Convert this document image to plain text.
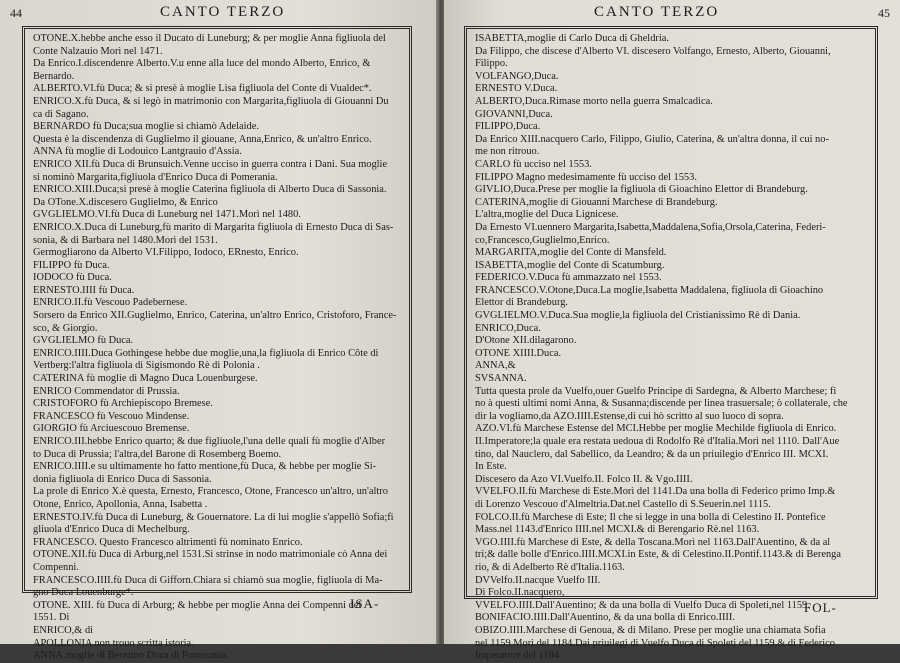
44	CANTO TERZO
OTONE.X.hebbe anche esso il Ducato di Luneburg; & per moglie Anna figliuola del
Conte Nalzauio Morì nel 1471.
Da Enrico.I.discendenre Alberto.V.u enne alla luce del mondo Alberto, Enrico, &
Bernardo.
ALBERTO.VI.fù Duca; & si presè à moglie Lisa figliuola del Conte di Vualdec*.
ENRICO.X.fù Duca, & si legò in matrimonio con Margarita,figliuola di Giouanni Du
ca di Sagano.
BERNARDO fù Duca;sua moglie si chiamò Adelaide.
Questa è la discendenza di Guglielmo il giouane, Anna,Enrico, & un'altro Enrico.
ANNA fù moglie di Lodouico Lantgrauio d'Assia.
ENRICO XII.fù Duca di Brunsuich.Venne ucciso in guerra contra i Dani. Sua moglie
si nominò Margarita,figliuola d'Enrico Duca di Pomerania.
ENRICO.XIII.Duca;si presè à moglie Caterina figliuola di Alberto Duca di Sassonia.
Da OTone.X.discesero Guglielmo, & Enrico
GVGLIELMO.VI.fù Duca di Luneburg nel 1471.Morì nel 1480.
ENRICO.X.Duca di Luneburg,fù marito di Margarita figliuola di Ernesto Duca di Sas-
sonia, & di Barbara nel 1480.Morì del 1531.
Germogliarono da Alberto VI.Filippo, Iodoco, ERnesto, Enrico.
FILIPPO fù Duca.
IODOCO fù Duca.
ERNESTO.IIII fù Duca.
ENRICO.II.fù Vescouo Padebernese.
Sorsero da Enrico XII.Guglielmo, Enrico, Caterina, un'altro Enrico, Cristoforo, France-
sco, & Giorgio.
GVGLIELMO fù Duca.
ENRICO.IIII.Duca Gothingese hebbe due moglie,una,la figliuola di Enrico Côte di
Vertberg:l'altra figliuola di Sigismondo Rè di Polonia .
CATERINA fù moglie di Magno Duca Louenburgese.
ENRICO Commendator di Prussia.
CRISTOFORO fù Archiepiscopo Bremese.
FRANCESCO fù Vescouo Mindense.
GIORGIO fù Arciuescouo Bremense.
ENRICO.III.hebbe Enrico quarto; & due figliuole,l'una delle quali fù moglie d'Alber
to Duca di Prussia; l'altra,del Barone di Rosemberg Boemo.
ENRICO.IIII.e su ultimamente ho fatto mentione,fù Duca, & hebbe per moglie Si-
donia figliuola di Enrico Duca di Sassonia.
La prole di Enrico X.è questa, Ernesto, Francesco, Otone, Francesco un'altro, un'altro
Otone, Enrico, Apollonia, Anna, Isabetta .
ERNESTO.IV.fù Duca di Luneburg, & Gouernatore. La di lui moglie s'appellò Sofia;fi
gliuola d'Enrico Duca di Mechelburg.
FRANCESCO. Questo Francesco altrimenti fù nominato Enrico.
OTONE.XII.fù Duca di Arburg,nel 1531.Si strinse in nodo matrimoniale cò Anna dei
Compenni.
FRANCESCO.IIII.fù Duca di Gifforn.Chiara si chiamò sua moglie, figliuola di Ma-
gno Duca Louenburge*.
OTONE. XIII. fù Duca di Arburg; & hebbe per moglie Anna dei Compenni del
1551. Di
ENRICO,& di
APOLLONIA non trouo scritta istoria.
ANNA,moglie di Bernimo Duca di Pomerania.
ISA-
CANTO TERZO	45
ISABETTA,moglie di Carlo Duca di Gheldria.
Da Filippo, che discese d'Alberto VI. discesero Volfango, Ernesto, Alberto, Giouanni,
Filippo.
VOLFANGO,Duca.
ERNESTO V.Duca.
ALBERTO,Duca.Rimase morto nella guerra Smalcadica.
GIOVANNI,Duca.
FILIPPO,Duca.
Da Enrico XIII.nacquero Carlo, Filippo, Giulio, Caterina, & un'altra donna, il cui no-
me non ritrouo.
CARLO fù ucciso nel 1553.
FILIPPO Magno medesimamente fù ucciso del 1553.
GIVLIO,Duca.Prese per moglie la figliuola di Gioachino Elettor di Brandeburg.
CATERINA,moglie di Giouanni Marchese di Brandeburg.
L'altra,moglie del Duca Lignicese.
Da Ernesto VI.uennero Margarita,Isabetta,Maddalena,Sofia,Orsola,Caterina, Federi-
co,Francesco,Guglielmo,Enrico.
MARGARITA,moglie del Conte di Mansfeld.
ISABETTA,moglie del Conte di Scatumburg.
FEDERICO.V.Duca fù ammazzato nel 1553.
FRANCESCO.V.Otone,Duca.La moglie,Isabetta Maddalena, figliuola di Gioachino
Elettor di Brandeburg.
GVGLIELMO.V.Duca.Sua moglie,la figliuola del Cristianissimo Rè di Dania.
ENRICO,Duca.
D'Otone XII.dilagarono.
OTONE XIIII.Duca.
ANNA,&
SVSANNA.
Tutta questa prole da Vuelfo,ouer Guelfo Principe di Sardegna, & Alberto Marchese; fi
no à questi ultimi nomi Anna, & Susanna;discende per linea trasuersale; ò collaterale, che
dir la vogliamo,da AZO.IIII.Estense,di cui hò scritto al suo luoco di sopra.
AZO.VI.fù Marchese Estense del MCI.Hebbe per moglie Mechilde figliuola di Enrico.
II.Imperatore;la quale era restata uedoua di Rodolfo Rè d'Italia.Morì nel 1110. Dall'Aue
tino, dal Nauclero, dal Sabellico, da Leandro; & da un priuilegio d'Enrico III. MCXI.
In Este.
Discesero da Azo VI.Vuelfo.II. Folco II. & Vgo.IIII.
VVELFO.II.fù Marchese di Este.Morì del 1141.Da una bolla di Federico primo Imp.&
di Lorenzo Vescouo d'Almeltria.Dat.nel Castello di S.Seuerin.nel 1115.
FOLCO.II.fù Marchese di Este; Il che si legge in una bolla di Celestino II. Pontefice
Mass.nel 1143.d'Enrico IIII.nel MCXI.& di Berengario Rè.nel 1163.
VGO.IIII.fù Marchese di Este, & della Toscana.Morì nel 1163.Dall'Auentino, & da al
tri;& dalle bolle d'Enrico.IIII.MCXI.in Este, & di Celestino.II.Pontif.1143.& di Berenga
rio, & di Adelberto Rè d'Italia.1163.
DVVelfo.II.nacque Vuelfo III.
Di Folco.II.nacquero,
VVELFO.IIII.Dall'Auentino; & da una bolla di Vuelfo Duca di Spoleti,nel 1159.
BONIFACIO.IIII.Dall'Auentino, & da una bolla di Enrico.IIII.
OBIZO.IIII.Marchese di Genoua, & di Milano. Prese per moglie una chiamata Sofia
nel 1159.Morì del 1184.Dai priuilegi di Vuelfo Duca di Spoleti del 1159.& di Federico
Imperatore del 1184.
FOL-
